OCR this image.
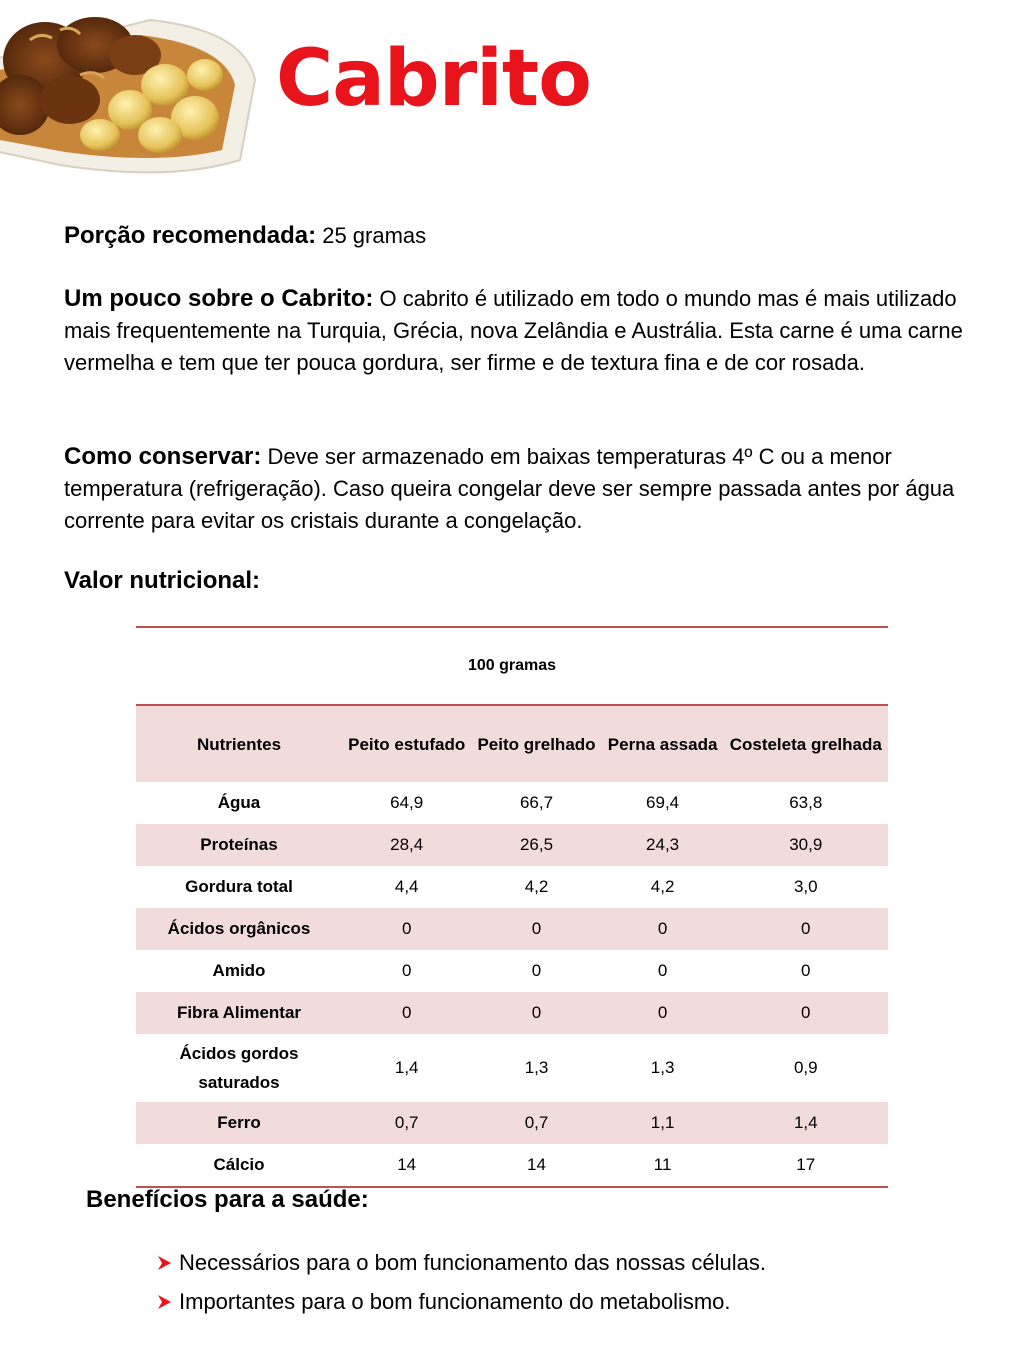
Cabrito
Porção recomendada: 25 gramas
Um pouco sobre o Cabrito: O cabrito é utilizado em todo o mundo mas é mais utilizado mais frequentemente na Turquia, Grécia, nova Zelândia e Austrália. Esta carne é uma carne vermelha e tem que ter pouca gordura, ser firme e de textura fina e de cor rosada.
Como conservar: Deve ser armazenado em baixas temperaturas 4º C ou a menor temperatura (refrigeração). Caso queira congelar deve ser sempre passada antes por água corrente para evitar os cristais durante a congelação.
Valor nutricional:
100 gramas				
Nutrientes	Peito estufado	Peito grelhado	Perna assada	Costeleta grelhada
Água	64,9	66,7	69,4	63,8
Proteínas	28,4	26,5	24,3	30,9
Gordura total	4,4	4,2	4,2	3,0
Ácidos orgânicos	0	0	0	0
Amido	0	0	0	0
Fibra Alimentar	0	0	0	0
Ácidos gordos saturados	1,4	1,3	1,3	0,9
Ferro	0,7	0,7	1,1	1,4
Cálcio	14	14	11	17
Benefícios para a saúde:
Necessários para o bom funcionamento das nossas células.
Importantes para o bom funcionamento do metabolismo.
